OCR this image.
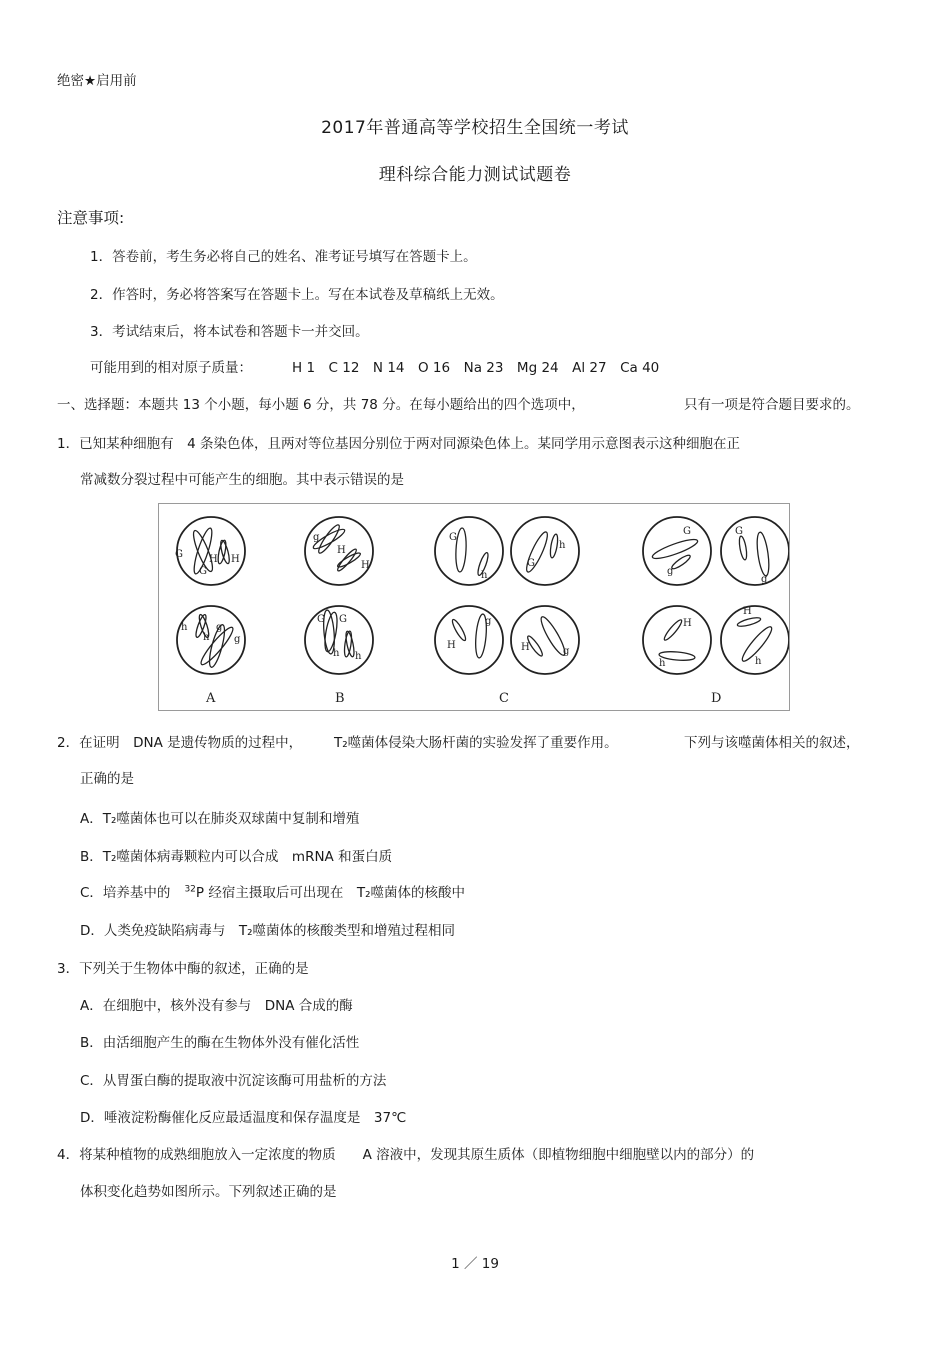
绝密★启用前
2017年普通高等学校招生全国统一考试
理科综合能力测试试题卷
注意事项:
1．答卷前，考生务必将自己的姓名、准考证号填写在答题卡上。
2．作答时，务必将答案写在答题卡上。写在本试卷及草稿纸上无效。
3．考试结束后，将本试卷和答题卡一并交回。
可能用到的相对原子质量：	H 1　C 12　N 14　O 16　Na 23　Mg 24　Al 27　Ca 40
一、选择题：本题共 13 个小题，每小题 6 分，共 78 分。在每小题给出的四个选项中，	只有一项是符合题目要求的。
1．已知某种细胞有　4 条染色体，且两对等位基因分别位于两对同源染色体上。某同学用示意图表示这种细胞在正
常减数分裂过程中可能产生的细胞。其中表示错误的是
G	H
G
H
h
h
g
g
A
g
H
H
G G
h h
B
G
h
G
h
H
g
H	g
C
G
g
G
g
H
h
H
h
D
2．在证明　DNA 是遗传物质的过程中， T₂噬菌体侵染大肠杆菌的实验发挥了重要作用。	下列与该噬菌体相关的叙述，
正确的是
A．T₂噬菌体也可以在肺炎双球菌中复制和增殖
B．T₂噬菌体病毒颗粒内可以合成　mRNA 和蛋白质
C．培养基中的 $^{32}$P 经宿主摄取后可出现在　T₂噬菌体的核酸中
D．人类免疫缺陷病毒与　T₂噬菌体的核酸类型和增殖过程相同
3．下列关于生物体中酶的叙述，正确的是
A．在细胞中，核外没有参与　DNA 合成的酶
B．由活细胞产生的酶在生物体外没有催化活性
C．从胃蛋白酶的提取液中沉淀该酶可用盐析的方法
D．唾液淀粉酶催化反应最适温度和保存温度是　37℃
4．将某种植物的成熟细胞放入一定浓度的物质　　A 溶液中，发现其原生质体（即植物细胞中细胞壁以内的部分）的
体积变化趋势如图所示。下列叙述正确的是
1 ／ 19
